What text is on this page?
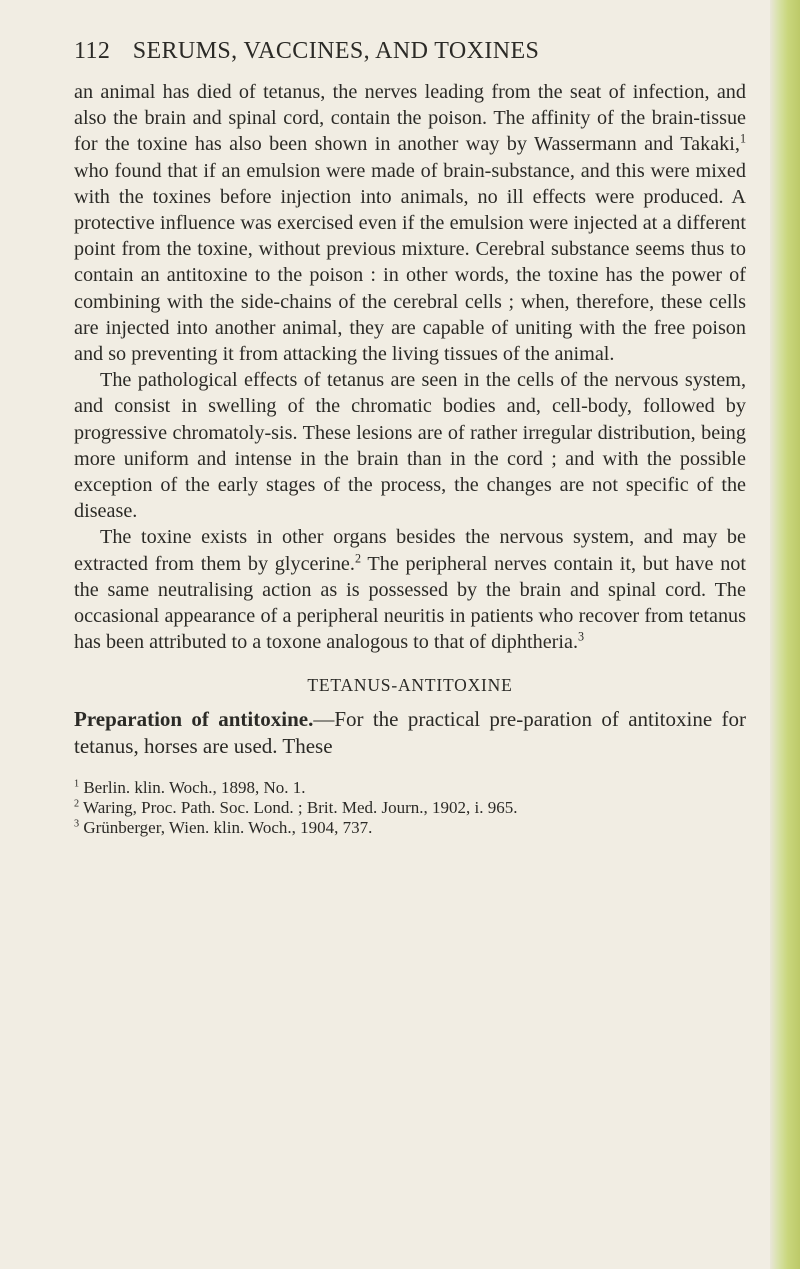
112 SERUMS, VACCINES, AND TOXINES

an animal has died of tetanus, the nerves leading from the seat of infection, and also the brain and spinal cord, contain the poison. The affinity of the brain-tissue for the toxine has also been shown in another way by Wassermann and Takaki,$^1$ who found that if an emulsion were made of brain-substance, and this were mixed with the toxines before injection into animals, no ill effects were produced. A protective influence was exercised even if the emulsion were injected at a different point from the toxine, without previous mixture. Cerebral substance seems thus to contain an antitoxine to the poison : in other words, the toxine has the power of combining with the side-chains of the cerebral cells ; when, therefore, these cells are injected into another animal, they are capable of uniting with the free poison and so preventing it from attacking the living tissues of the animal.

The pathological effects of tetanus are seen in the cells of the nervous system, and consist in swelling of the chromatic bodies and, cell-body, followed by progressive chromatoly-sis. These lesions are of rather irregular distribution, being more uniform and intense in the brain than in the cord ; and with the possible exception of the early stages of the process, the changes are not specific of the disease.

The toxine exists in other organs besides the nervous system, and may be extracted from them by glycerine.$^2$ The peripheral nerves contain it, but have not the same neutralising action as is possessed by the brain and spinal cord. The occasional appearance of a peripheral neuritis in patients who recover from tetanus has been attributed to a toxone analogous to that of diphtheria.$^3$

TETANUS-ANTITOXINE

Preparation of antitoxine.—For the practical pre-paration of antitoxine for tetanus, horses are used. These

$^1$ Berlin. klin. Woch., 1898, No. 1.

$^2$ Waring, Proc. Path. Soc. Lond. ; Brit. Med. Journ., 1902, i. 965.

$^3$ Grünberger, Wien. klin. Woch., 1904, 737.
